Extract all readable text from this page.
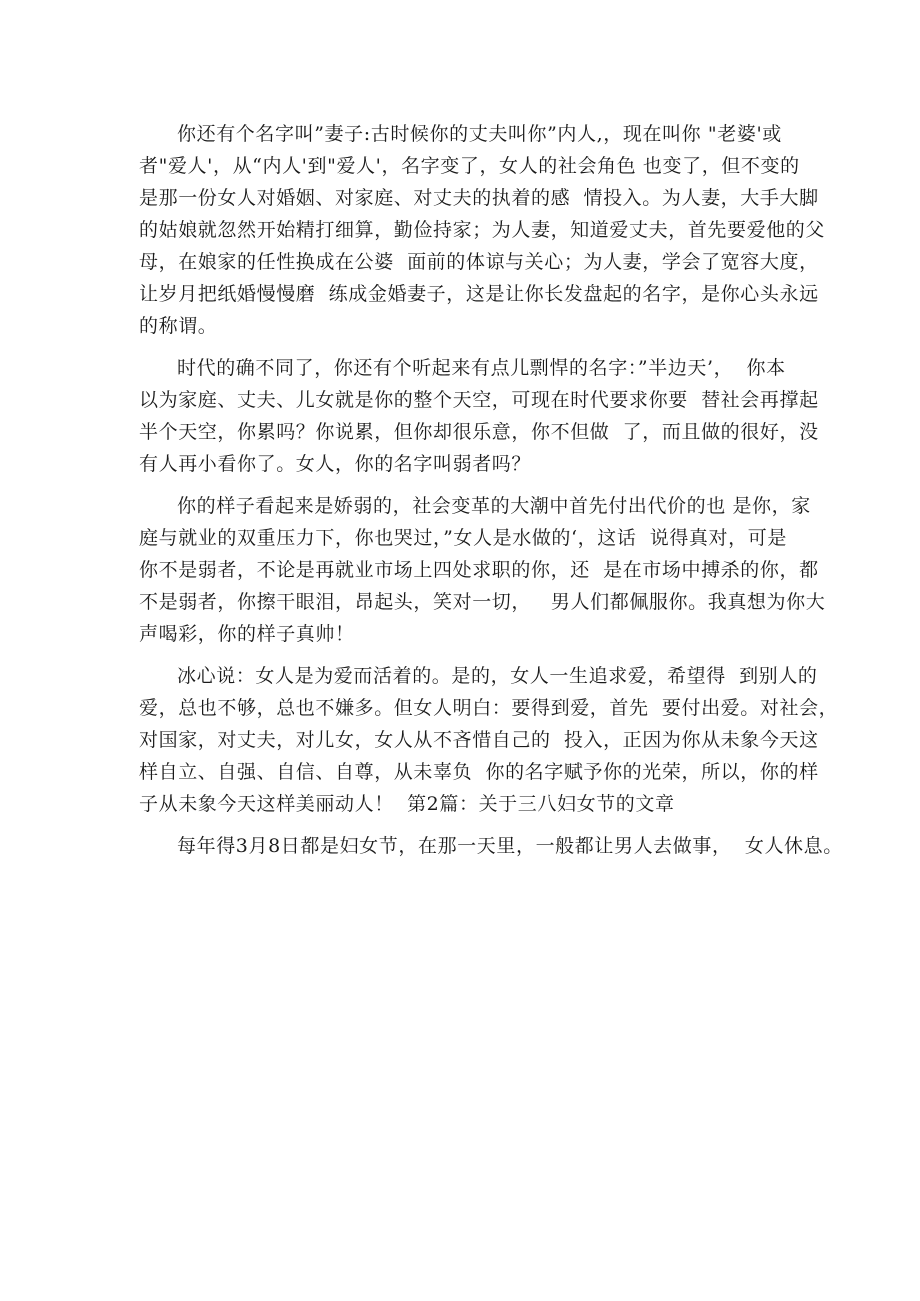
你还有个名字叫”妻子:古时候你的丈夫叫你”内人,，现在叫你 "老婆'或
者"爱人'，从“内人'到"爱人'，名字变了，女人的社会角色 也变了，但不变的
是那一份女人对婚姻、对家庭、对丈夫的执着的感  情投入。为人妻，大手大脚
的姑娘就忽然开始精打细算，勤俭持家；为人妻，知道爱丈夫，首先要爱他的父
母，在娘家的任性换成在公婆  面前的体谅与关心；为人妻，学会了宽容大度，
让岁月把纸婚慢慢磨  练成金婚妻子，这是让你长发盘起的名字，是你心头永远
的称谓。
时代的确不同了，你还有个听起来有点儿剽悍的名字：”半边天’，  你本
以为家庭、丈夫、儿女就是你的整个天空，可现在时代要求你要  替社会再撑起
半个天空，你累吗？你说累，但你却很乐意，你不但做  了，而且做的很好，没
有人再小看你了。女人，你的名字叫弱者吗？
你的样子看起来是娇弱的，社会变革的大潮中首先付出代价的也 是你，家
庭与就业的双重压力下，你也哭过，”女人是水做的‘，这话  说得真对，可是
你不是弱者，不论是再就业市场上四处求职的你，还  是在市场中搏杀的你，都
不是弱者，你擦干眼泪，昂起头，笑对一切，   男人们都佩服你。我真想为你大
声喝彩，你的样子真帅！
冰心说：女人是为爱而活着的。是的，女人一生追求爱，希望得  到别人的
爱，总也不够，总也不嫌多。但女人明白：要得到爱，首先  要付出爱。对社会，
对国家，对丈夫，对儿女，女人从不吝惜自己的  投入，正因为你从未象今天这
样自立、自强、自信、自尊，从未辜负  你的名字赋予你的光荣，所以，你的样
子从未象今天这样美丽动人！  第2篇：关于三八妇女节的文章
每年得3月8日都是妇女节，在那一天里，一般都让男人去做事，  女人休息。
